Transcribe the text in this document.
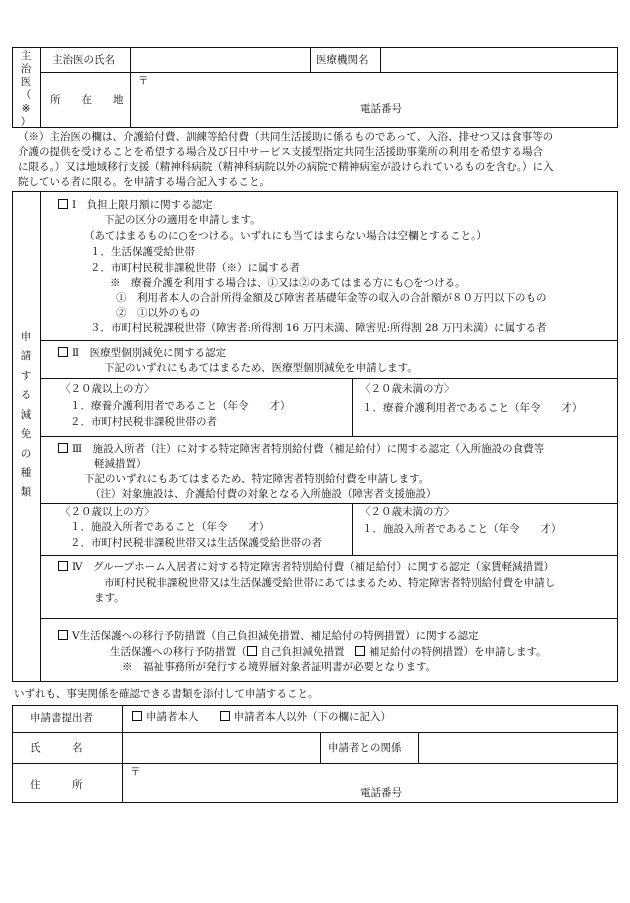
主
治
医
（
※
）
主治医の氏名	医療機関名
所　　在　　地
〒
電話番号
（※）主治医の欄は、介護給付費、訓練等給付費（共同生活援助に係るものであって、入浴、排せつ又は食事等の
介護の提供を受けることを希望する場合及び日中サービス支援型指定共同生活援助事業所の利用を希望する場合
に限る。）又は地域移行支援（精神科病院（精神科病院以外の病院で精神病室が設けられているものを含む。）に入
院している者に限る。を申請する場合記入すること。
申
請
す
る
減
免
の
種
類
Ⅰ　負担上限月額に関する認定
下記の区分の適用を申請します。
（あてはまるものに○をつける。いずれにも当てはまらない場合は空欄とすること。）
１．生活保護受給世帯
２．市町村民税非課税世帯（※）に属する者
※　療養介護を利用する場合は、①又は②のあてはまる方にも○をつける。
①　利用者本人の合計所得金額及び障害者基礎年金等の収入の合計額が８０万円以下のもの
②　①以外のもの
３．市町村民税課税世帯（障害者:所得割 16 万円未満、障害児:所得割 28 万円未満）に属する者
Ⅱ　医療型個別減免に関する認定
下記のいずれにもあてはまるため、医療型個別減免を申請します。
〈２０歳以上の方〉
１．療養介護利用者であること（年令　　才）
２．市町村民税非課税世帯の者
〈２０歳未満の方〉
１．療養介護利用者であること（年令　　才）
Ⅲ　施設入所者（注）に対する特定障害者特別給付費（補足給付）に関する認定（入所施設の食費等
軽減措置）
下記のいずれにもあてはまるため、特定障害者特別給付費を申請します。
（注）対象施設は、介護給付費の対象となる入所施設（障害者支援施設）
〈２０歳以上の方〉
１．施設入所者であること（年令　　才）
２．市町村民税非課税世帯又は生活保護受給世帯の者
〈２０歳未満の方〉
１．施設入所者であること（年令　　才）
Ⅳ　グループホーム入居者に対する特定障害者特別給付費（補足給付）に関する認定（家賃軽減措置）
市町村民税非課税世帯又は生活保護受給世帯にあてはまるため、特定障害者特別給付費を申請し
ます。
Ⅴ生活保護への移行予防措置（自己負担減免措置、補足給付の特例措置）に関する認定
生活保護への移行予防措置（ 自己負担減免措置　 補足給付の特例措置）を申請します。
※　福祉事務所が発行する境界層対象者証明書が必要となります。
いずれも、事実関係を確認できる書類を添付して申請すること。
申請書提出者	申請者本人　　	申請者本人以外（下の欄に記入）
氏　　　名	申請者との関係
住　　　所
〒
電話番号
